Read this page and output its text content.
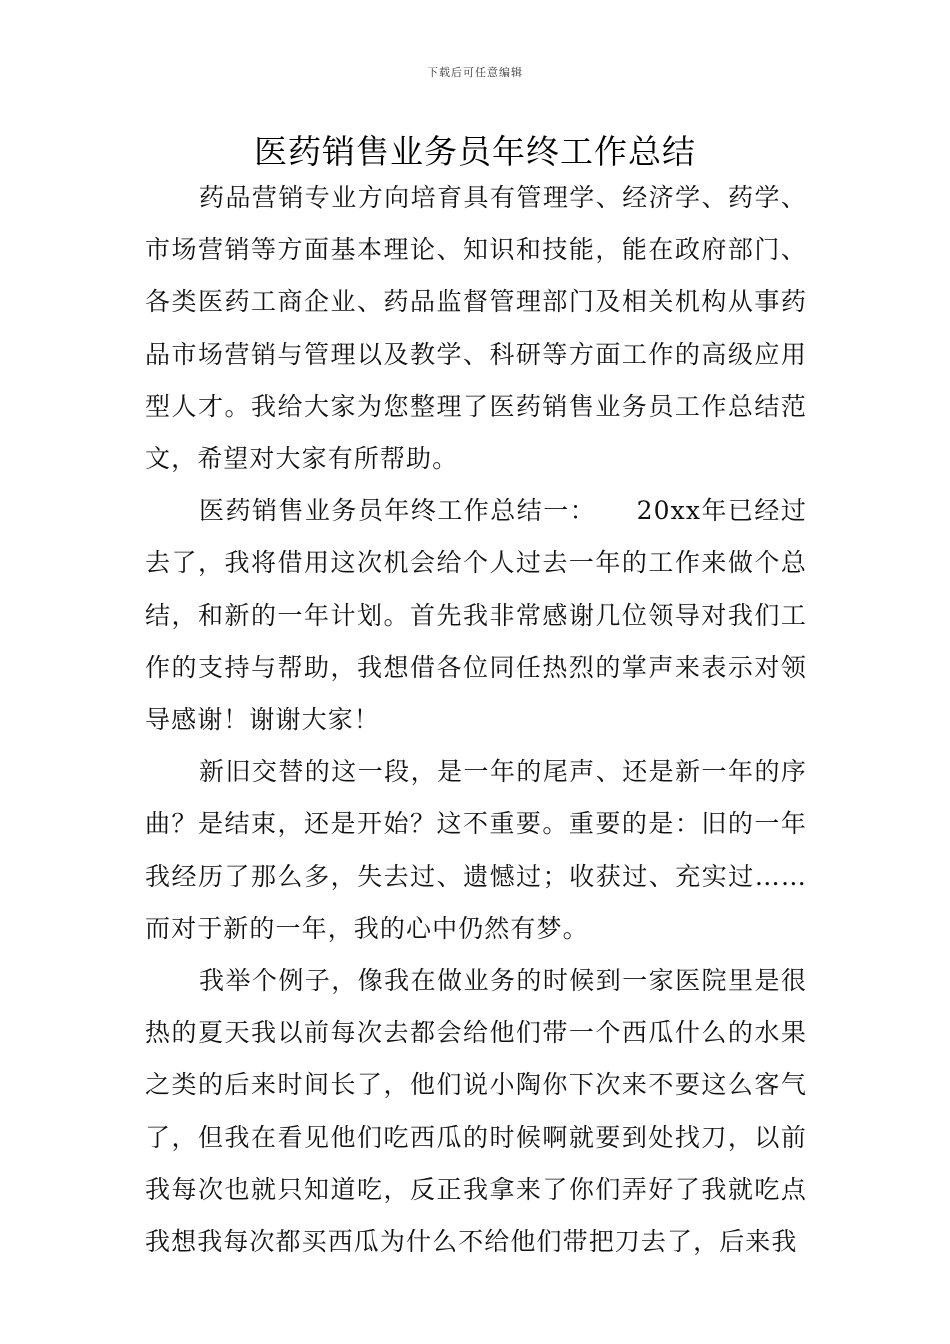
下载后可任意编辑
医药销售业务员年终工作总结

药品营销专业方向培育具有管理学、经济学、药学、市场营销等方面基本理论、知识和技能，能在政府部门、各类医药工商企业、药品监督管理部门及相关机构从事药品市场营销与管理以及教学、科研等方面工作的高级应用型人才。我给大家为您整理了医药销售业务员工作总结范文，希望对大家有所帮助。

医药销售业务员年终工作总结一：　　20xx年已经过去了，我将借用这次机会给个人过去一年的工作来做个总结，和新的一年计划。首先我非常感谢几位领导对我们工作的支持与帮助，我想借各位同任热烈的掌声来表示对领导感谢！谢谢大家！

新旧交替的这一段，是一年的尾声、还是新一年的序曲？是结束，还是开始？这不重要。重要的是：旧的一年我经历了那么多，失去过、遗憾过；收获过、充实过……而对于新的一年，我的心中仍然有梦。

我举个例子，像我在做业务的时候到一家医院里是很热的夏天我以前每次去都会给他们带一个西瓜什么的水果之类的后来时间长了，他们说小陶你下次来不要这么客气了，但我在看见他们吃西瓜的时候啊就要到处找刀，以前我每次也就只知道吃，反正我拿来了你们弄好了我就吃点我想我每次都买西瓜为什么不给他们带把刀去了，后来我
